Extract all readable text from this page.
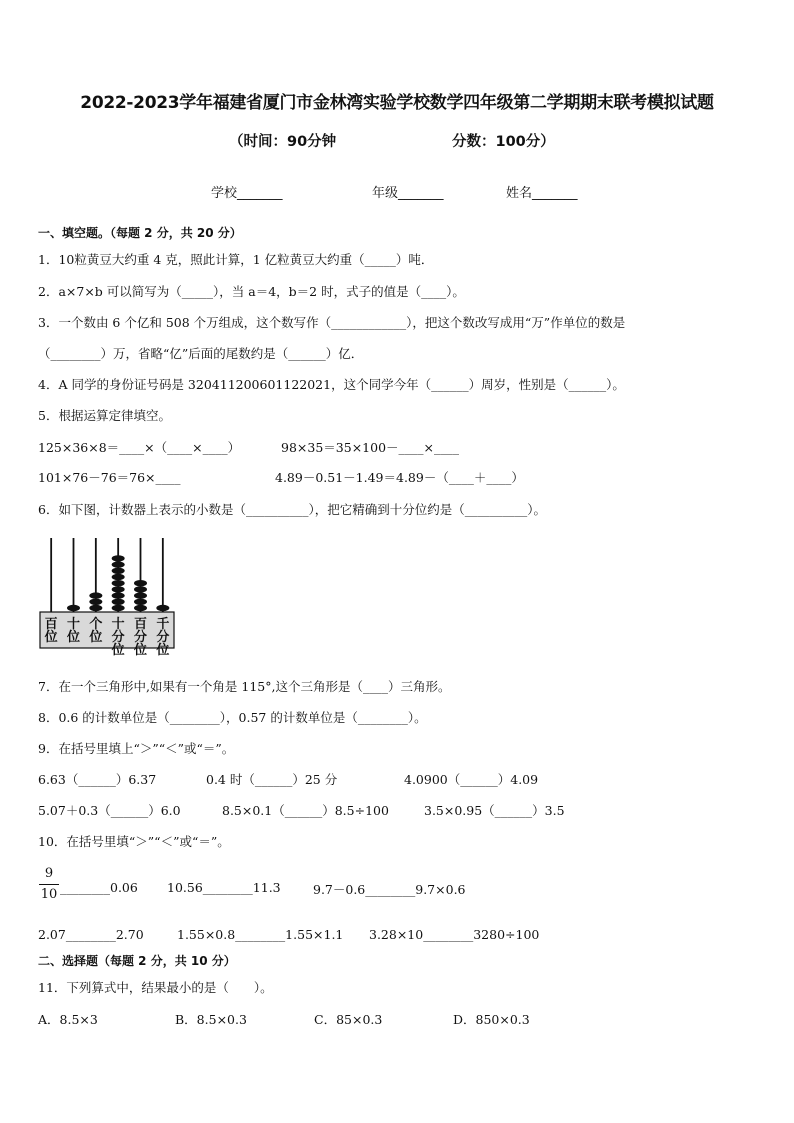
2022-2023学年福建省厦门市金林湾实验学校数学四年级第二学期期末联考模拟试题
（时间：90分钟	分数：100分）
学校_______	年级_______	姓名_______
一、填空题。（每题 2 分，共 20 分）
1．10粒黄豆大约重 4 克，照此计算，1 亿粒黄豆大约重（_____）吨．
2．a×7×b 可以简写为（_____），当 a＝4，b＝2 时，式子的值是（____）。
3．一个数由 6 个亿和 508 个万组成，这个数写作（____________），把这个数改写成用“万”作单位的数是
（________）万，省略“亿”后面的尾数约是（______）亿．
4．A 同学的身份证号码是 320411200601122021，这个同学今年（______）周岁，性别是（______）。
5．根据运算定律填空。
125×36×8＝____×（____×____）	98×35＝35×100－____×____
101×76－76＝76×____	4.89－0.51－1.49＝4.89－（____＋____）
6．如下图，计数器上表示的小数是（__________），把它精确到十分位约是（__________）。
百
位
十
位
个
位
十
分
位
百
分
位
千
分
位
7．在一个三角形中,如果有一个角是 115°,这个三角形是（____）三角形。
8．0.6 的计数单位是（________），0.57 的计数单位是（________）。
9．在括号里填上“＞”“＜”或“＝”。
6.63（______）6.37	0.4 时（______）25 分	4.0900（______）4.09
5.07＋0.3（______）6.0	8.5×0.1（______）8.5÷100	3.5×0.95（______）3.5
10．在括号里填“＞”“＜”或“＝”。
9
10 ________0.06 10.56________11.3	9.7－0.6________9.7×0.6
2.07________2.70	1.55×0.8________1.55×1.1 3.28×10________3280÷100
二、选择题（每题 2 分，共 10 分）
11．下列算式中，结果最小的是（　　）。
A．8.5×3	B．8.5×0.3	C．85×0.3	D．850×0.3
